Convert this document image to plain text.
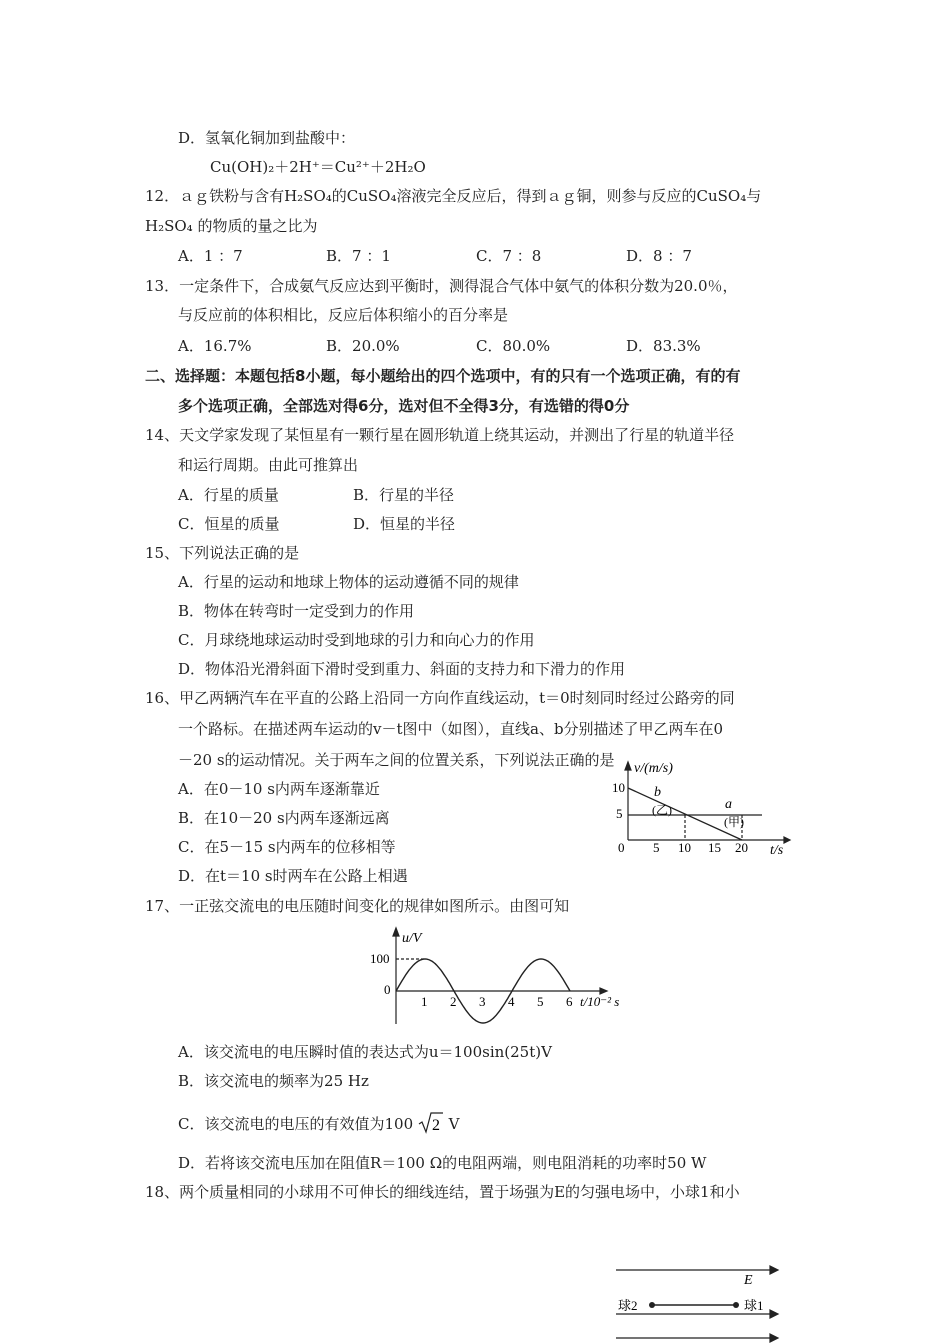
D．氢氧化铜加到盐酸中：
Cu(OH)₂＋2H⁺＝Cu²⁺＋2H₂O
12．ａｇ铁粉与含有H₂SO₄的CuSO₄溶液完全反应后，得到ａｇ铜，则参与反应的CuSO₄与
H₂SO₄ 的物质的量之比为
A．1 ：7	B．7 ：1	C．7 ：8	D．8 ：7
13．一定条件下，合成氨气反应达到平衡时，测得混合气体中氨气的体积分数为20.0％，
与反应前的体积相比，反应后体积缩小的百分率是
A．16.7%	B．20.0%	C．80.0%	D．83.3%
二、选择题：本题包括8小题，每小题给出的四个选项中，有的只有一个选项正确，有的有
多个选项正确，全部选对得6分，选对但不全得3分，有选错的得0分
14、天文学家发现了某恒星有一颗行星在圆形轨道上绕其运动，并测出了行星的轨道半径
和运行周期。由此可推算出
A．行星的质量	B．行星的半径
C．恒星的质量	D．恒星的半径
15、下列说法正确的是
A．行星的运动和地球上物体的运动遵循不同的规律
B．物体在转弯时一定受到力的作用
C．月球绕地球运动时受到地球的引力和向心力的作用
D．物体沿光滑斜面下滑时受到重力、斜面的支持力和下滑力的作用
16、甲乙两辆汽车在平直的公路上沿同一方向作直线运动，t＝0时刻同时经过公路旁的同
一个路标。在描述两车运动的v－t图中（如图），直线a、b分别描述了甲乙两车在0
－20 s的运动情况。关于两车之间的位置关系，下列说法正确的是
A．在0－10 s内两车逐渐靠近
B．在10－20 s内两车逐渐远离
C．在5－15 s内两车的位移相等
D．在t＝10 s时两车在公路上相遇
v/(m/s)
10
5
0 5 10 15 20 t/s
b
(乙)	a
(甲)
17、一正弦交流电的电压随时间变化的规律如图所示。由图可知
u/V
100
0
1 2 3 4 5 6 t/10⁻² s
A．该交流电的电压瞬时值的表达式为u＝100sin(25t)V
B．该交流电的频率为25 Hz
C．该交流电的电压的有效值为100 2 V
D．若将该交流电压加在阻值R＝100 Ω的电阻两端，则电阻消耗的功率时50 W
18、两个质量相同的小球用不可伸长的细线连结，置于场强为E的匀强电场中，小球1和小
E
球2	球1
